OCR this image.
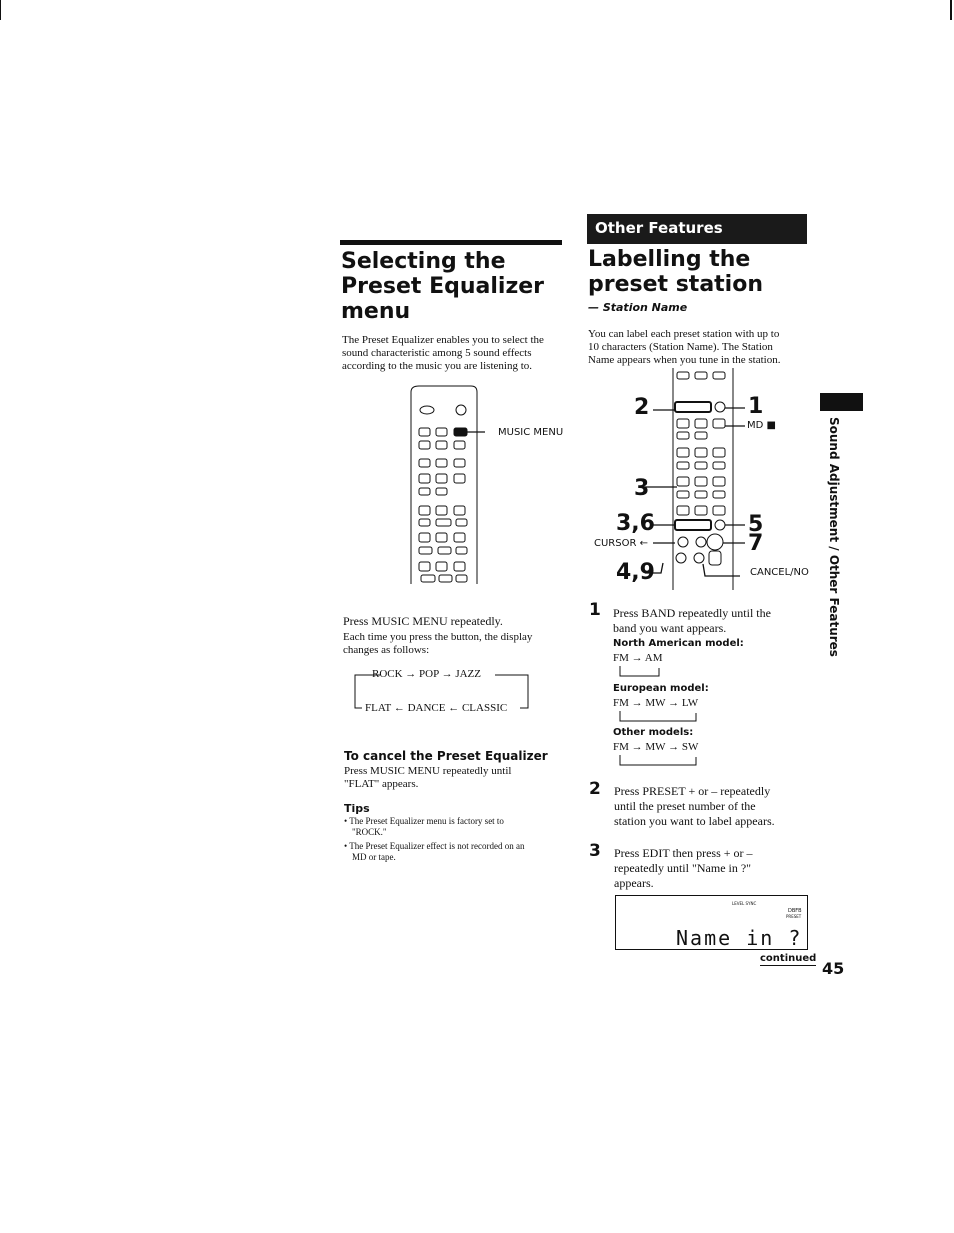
Selecting the
Preset Equalizer
menu
The Preset Equalizer enables you to select the
sound characteristic among 5 sound effects
according to the music you are listening to.
MUSIC MENU
Press MUSIC MENU repeatedly.
Each time you press the button, the display
changes as follows:
ROCK → POP → JAZZ
FLAT ← DANCE ← CLASSIC
To cancel the Preset Equalizer
Press MUSIC MENU repeatedly until
"FLAT" appears.
Tips
• The Preset Equalizer menu is factory set to
"ROCK."
• The Preset Equalizer effect is not recorded on an
MD or tape.
Other Features
Labelling the
preset station
— Station Name
You can label each preset station with up to
10 characters (Station Name). The Station
Name appears when you tune in the station.
2	1
MD ■
3
3,6	5
7
CURSOR ←
4,9	CANCEL/NO
1 Press BAND repeatedly until the
band you want appears.
North American model:
FM → AM
European model:
FM → MW → LW
Other models:
FM → MW → SW
2 Press PRESET + or – repeatedly
until the preset number of the
station you want to label appears.
3 Press EDIT then press + or –
repeatedly until "Name in ?"
appears.
LEVEL SYNC
DBFB
PRESET
Name in ?
continued
45
Sound Adjustment / Other Features
